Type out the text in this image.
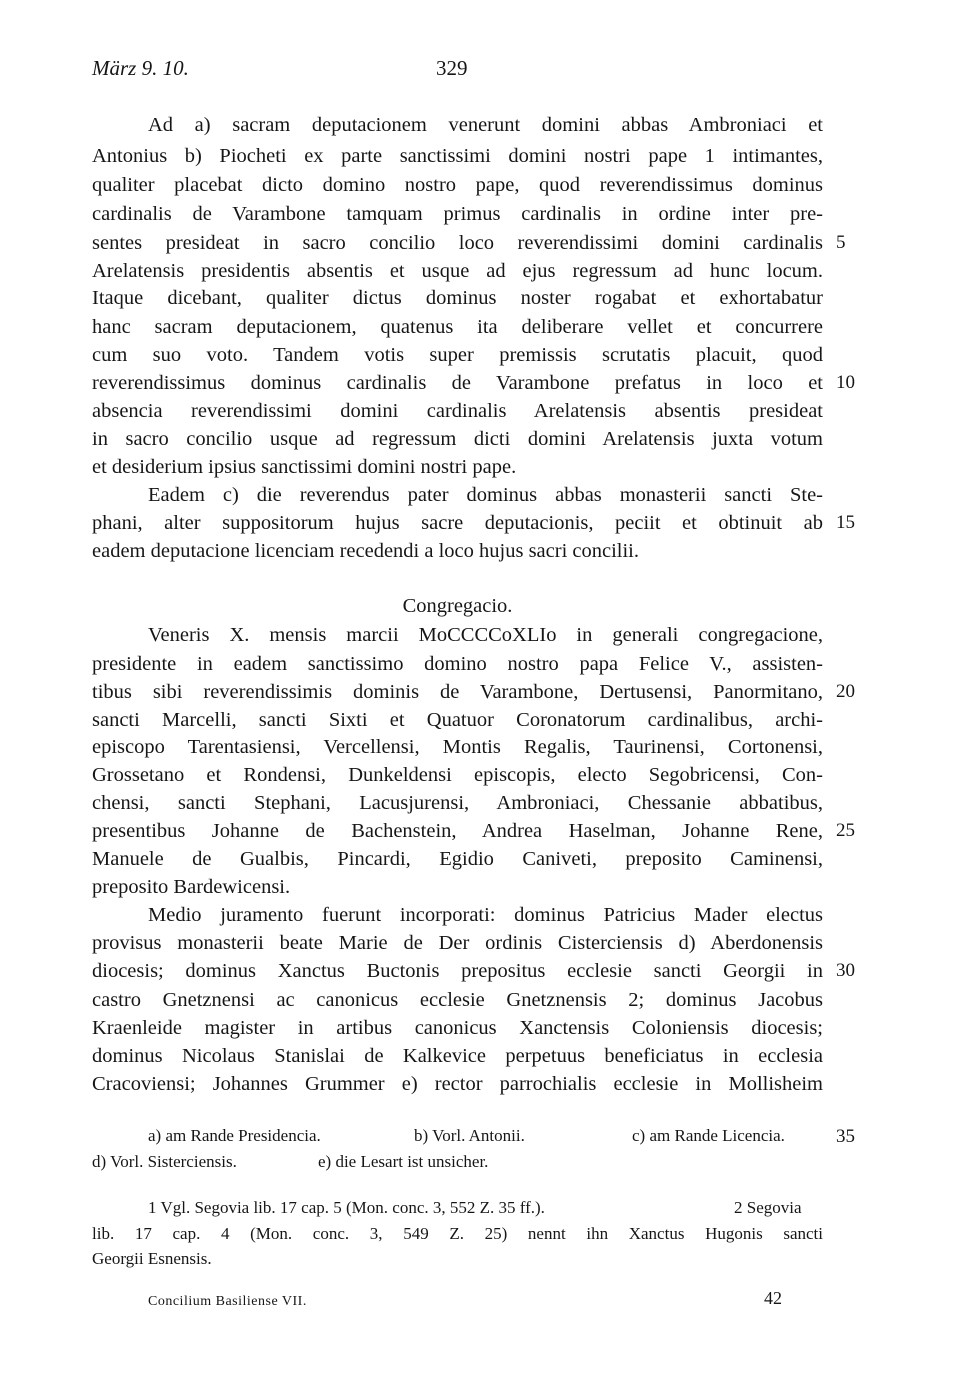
März 9. 10.	329
Ad a) sacram deputacionem venerunt domini abbas Ambroniaci et
Antonius b) Piocheti ex parte sanctissimi domini nostri pape 1 intimantes,
qualiter placebat dicto domino nostro pape, quod reverendissimus dominus
cardinalis de Varambone tamquam primus cardinalis in ordine inter pre-
sentes presideat in sacro concilio loco reverendissimi domini cardinalis
Arelatensis presidentis absentis et usque ad ejus regressum ad hunc locum.
Itaque dicebant, qualiter dictus dominus noster rogabat et exhortabatur
hanc sacram deputacionem, quatenus ita deliberare vellet et concurrere
cum suo voto. Tandem votis super premissis scrutatis placuit, quod
reverendissimus dominus cardinalis de Varambone prefatus in loco et
absencia reverendissimi domini cardinalis Arelatensis absentis presideat
in sacro concilio usque ad regressum dicti domini Arelatensis juxta votum
et desiderium ipsius sanctissimi domini nostri pape.
Eadem c) die reverendus pater dominus abbas monasterii sancti Ste-
phani, alter suppositorum hujus sacre deputacionis, peciit et obtinuit ab
eadem deputacione licenciam recedendi a loco hujus sacri concilii.
Congregacio.
Veneris X. mensis marcii MoCCCCoXLIo in generali congregacione,
presidente in eadem sanctissimo domino nostro papa Felice V., assisten-
tibus sibi reverendissimis dominis de Varambone, Dertusensi, Panormitano,
sancti Marcelli, sancti Sixti et Quatuor Coronatorum cardinalibus, archi-
episcopo Tarentasiensi, Vercellensi, Montis Regalis, Taurinensi, Cortonensi,
Grossetano et Rondensi, Dunkeldensi episcopis, electo Segobricensi, Con-
chensi, sancti Stephani, Lacusjurensi, Ambroniaci, Chessanie abbatibus,
presentibus Johanne de Bachenstein, Andrea Haselman, Johanne Rene,
Manuele de Gualbis, Pincardi, Egidio Caniveti, preposito Caminensi,
preposito Bardewicensi.
Medio juramento fuerunt incorporati: dominus Patricius Mader electus
provisus monasterii beate Marie de Der ordinis Cisterciensis d) Aberdonensis
diocesis; dominus Xanctus Buctonis prepositus ecclesie sancti Georgii in
castro Gnetznensi ac canonicus ecclesie Gnetznensis 2; dominus Jacobus
Kraenleide magister in artibus canonicus Xanctensis Coloniensis diocesis;
dominus Nicolaus Stanislai de Kalkevice perpetuus beneficiatus in ecclesia
Cracoviensi; Johannes Grummer e) rector parrochialis ecclesie in Mollisheim
5
10
15
20
25
30
35
a) am Rande Presidencia.	b) Vorl. Antonii.	c) am Rande Licencia.
d) Vorl. Sisterciensis.	e) die Lesart ist unsicher.
1 Vgl. Segovia lib. 17 cap. 5 (Mon. conc. 3, 552 Z. 35 ff.).	2 Segovia
lib. 17 cap. 4 (Mon. conc. 3, 549 Z. 25) nennt ihn Xanctus Hugonis sancti
Georgii Esnensis.
Concilium Basiliense VII.	42
